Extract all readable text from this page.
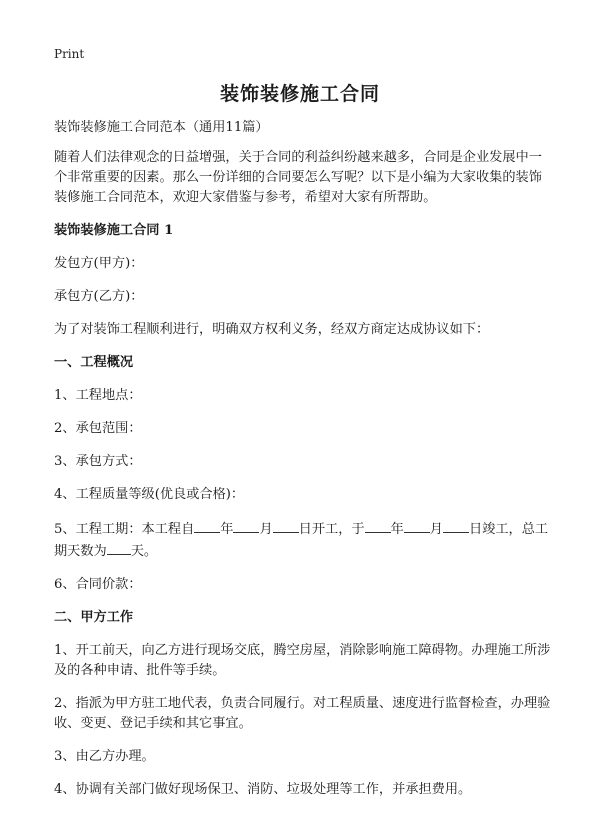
Print
装饰装修施工合同

装饰装修施工合同范本（通用11篇）

随着人们法律观念的日益增强，关于合同的利益纠纷越来越多，合同是企业发展中一个非常重要的因素。那么一份详细的合同要怎么写呢？以下是小编为大家收集的装饰装修施工合同范本，欢迎大家借鉴与参考，希望对大家有所帮助。

装饰装修施工合同 1

发包方(甲方)：

承包方(乙方)：

为了对装饰工程顺利进行，明确双方权利义务，经双方商定达成协议如下：

一、工程概况

1、工程地点：

2、承包范围：

3、承包方式：

4、工程质量等级(优良或合格)：

5、工程工期：本工程自 年 月 日开工，于 年 月 日竣工，总工期天数为 天。

6、合同价款：

二、甲方工作

1、开工前天，向乙方进行现场交底，腾空房屋，消除影响施工障碍物。办理施工所涉及的各种申请、批件等手续。

2、指派为甲方驻工地代表，负责合同履行。对工程质量、速度进行监督检查，办理验收、变更、登记手续和其它事宜。

3、由乙方办理。

4、协调有关部门做好现场保卫、消防、垃圾处理等工作，并承担费用。
